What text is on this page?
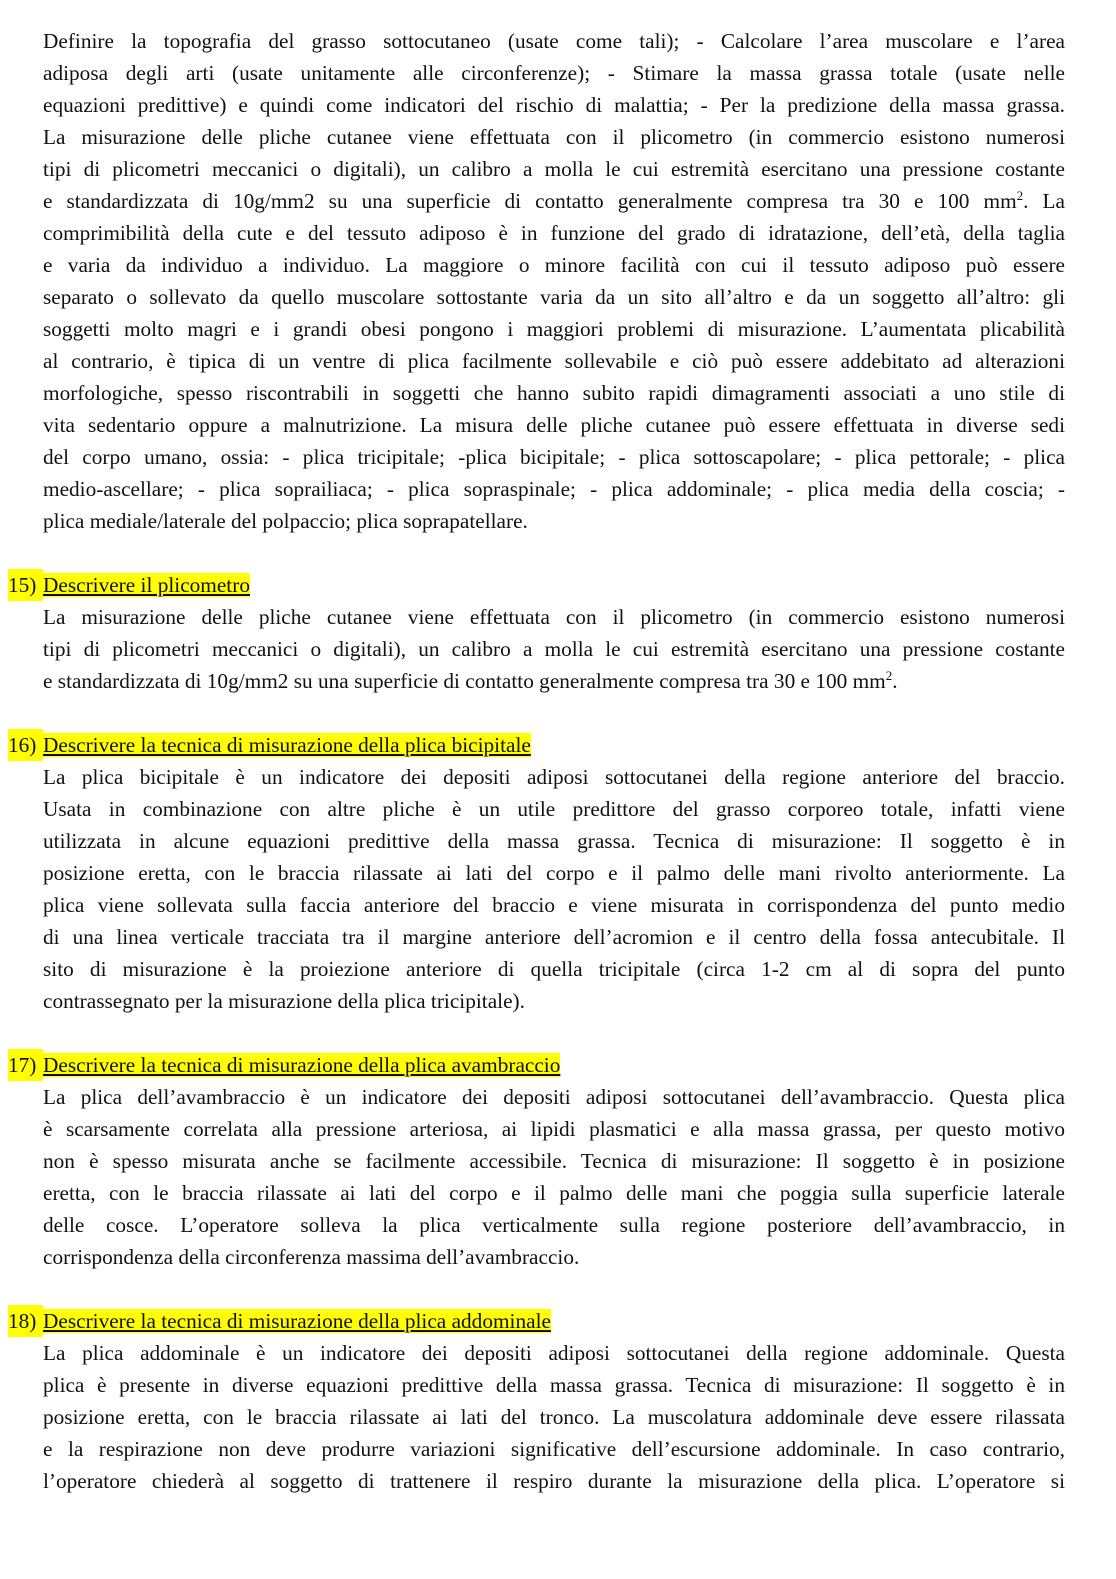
Definire la topografia del grasso sottocutaneo (usate come tali); - Calcolare l’area muscolare e l’area
adiposa degli arti (usate unitamente alle circonferenze); - Stimare la massa grassa totale (usate nelle
equazioni predittive) e quindi come indicatori del rischio di malattia; - Per la predizione della massa grassa.
La misurazione delle pliche cutanee viene effettuata con il plicometro (in commercio esistono numerosi
tipi di plicometri meccanici o digitali), un calibro a molla le cui estremità esercitano una pressione costante
e standardizzata di 10g/mm2 su una superficie di contatto generalmente compresa tra 30 e 100 $mm^2$. La
comprimibilità della cute e del tessuto adiposo è in funzione del grado di idratazione, dell’età, della taglia
e varia da individuo a individuo. La maggiore o minore facilità con cui il tessuto adiposo può essere
separato o sollevato da quello muscolare sottostante varia da un sito all’altro e da un soggetto all’altro: gli
soggetti molto magri e i grandi obesi pongono i maggiori problemi di misurazione. L’aumentata plicabilità
al contrario, è tipica di un ventre di plica facilmente sollevabile e ciò può essere addebitato ad alterazioni
morfologiche, spesso riscontrabili in soggetti che hanno subito rapidi dimagramenti associati a uno stile di
vita sedentario oppure a malnutrizione. La misura delle pliche cutanee può essere effettuata in diverse sedi
del corpo umano, ossia: - plica tricipitale; -plica bicipitale; - plica sottoscapolare; - plica pettorale; - plica
medio-ascellare; - plica soprailiaca; - plica sopraspinale; - plica addominale; - plica media della coscia; -
plica mediale/laterale del polpaccio; plica soprapatellare.
15) Descrivere il plicometro
La misurazione delle pliche cutanee viene effettuata con il plicometro (in commercio esistono numerosi
tipi di plicometri meccanici o digitali), un calibro a molla le cui estremità esercitano una pressione costante
e standardizzata di 10g/mm2 su una superficie di contatto generalmente compresa tra 30 e 100 $mm^2$.
16) Descrivere la tecnica di misurazione della plica bicipitale
La plica bicipitale è un indicatore dei depositi adiposi sottocutanei della regione anteriore del braccio.
Usata in combinazione con altre pliche è un utile predittore del grasso corporeo totale, infatti viene
utilizzata in alcune equazioni predittive della massa grassa. Tecnica di misurazione: Il soggetto è in
posizione eretta, con le braccia rilassate ai lati del corpo e il palmo delle mani rivolto anteriormente. La
plica viene sollevata sulla faccia anteriore del braccio e viene misurata in corrispondenza del punto medio
di una linea verticale tracciata tra il margine anteriore dell’acromion e il centro della fossa antecubitale. Il
sito di misurazione è la proiezione anteriore di quella tricipitale (circa 1-2 cm al di sopra del punto
contrassegnato per la misurazione della plica tricipitale).
17) Descrivere la tecnica di misurazione della plica avambraccio
La plica dell’avambraccio è un indicatore dei depositi adiposi sottocutanei dell’avambraccio. Questa plica
è scarsamente correlata alla pressione arteriosa, ai lipidi plasmatici e alla massa grassa, per questo motivo
non è spesso misurata anche se facilmente accessibile. Tecnica di misurazione: Il soggetto è in posizione
eretta, con le braccia rilassate ai lati del corpo e il palmo delle mani che poggia sulla superficie laterale
delle cosce. L’operatore solleva la plica verticalmente sulla regione posteriore dell’avambraccio, in
corrispondenza della circonferenza massima dell’avambraccio.
18) Descrivere la tecnica di misurazione della plica addominale
La plica addominale è un indicatore dei depositi adiposi sottocutanei della regione addominale. Questa
plica è presente in diverse equazioni predittive della massa grassa. Tecnica di misurazione: Il soggetto è in
posizione eretta, con le braccia rilassate ai lati del tronco. La muscolatura addominale deve essere rilassata
e la respirazione non deve produrre variazioni significative dell’escursione addominale. In caso contrario,
l’operatore chiederà al soggetto di trattenere il respiro durante la misurazione della plica. L’operatore si
